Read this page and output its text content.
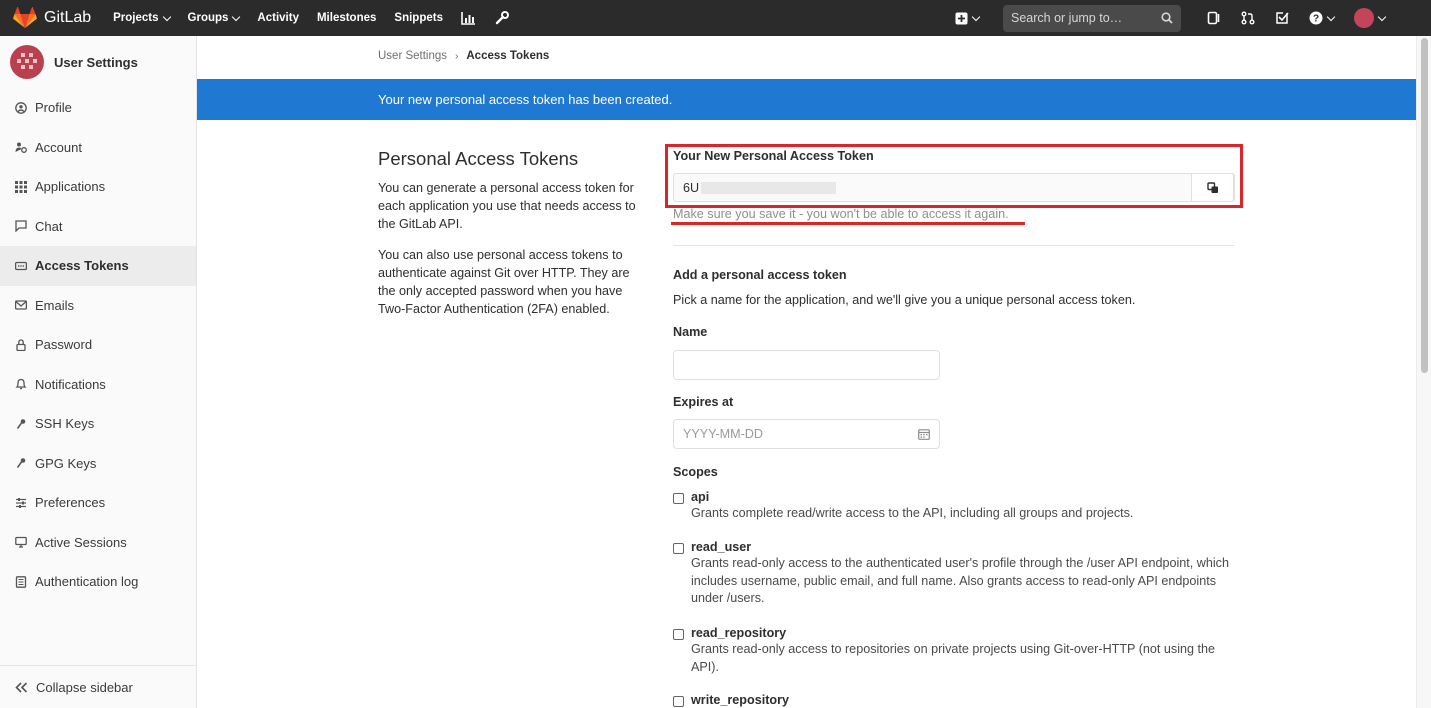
GitLab Projects	Groups	Activity Milestones Snippets	Search or jump to…	?
User Settings
Profile
Account
Applications
Chat
Access Tokens
Emails
Password
Notifications
SSH Keys
GPG Keys
Preferences
Active Sessions
Authentication log
Collapse sidebar
User Settings › Access Tokens
Your new personal access token has been created.
Personal Access Tokens

You can generate a personal access token for each application you use that needs access to the GitLab API.

You can also use personal access tokens to authenticate against Git over HTTP. They are the only accepted password when you have Two-Factor Authentication (2FA) enabled.

Your New Personal Access Token
6U
Make sure you save it - you won't be able to access it again.
Add a personal access token
Pick a name for the application, and we'll give you a unique personal access token.
Name
Expires at
YYYY-MM-DD
Scopes
api
Grants complete read/write access to the API, including all groups and projects.
read_user
Grants read-only access to the authenticated user's profile through the /user API endpoint, which includes username, public email, and full name. Also grants access to read-only API endpoints under /users.
read_repository
Grants read-only access to repositories on private projects using Git-over-HTTP (not using the API).
write_repository
